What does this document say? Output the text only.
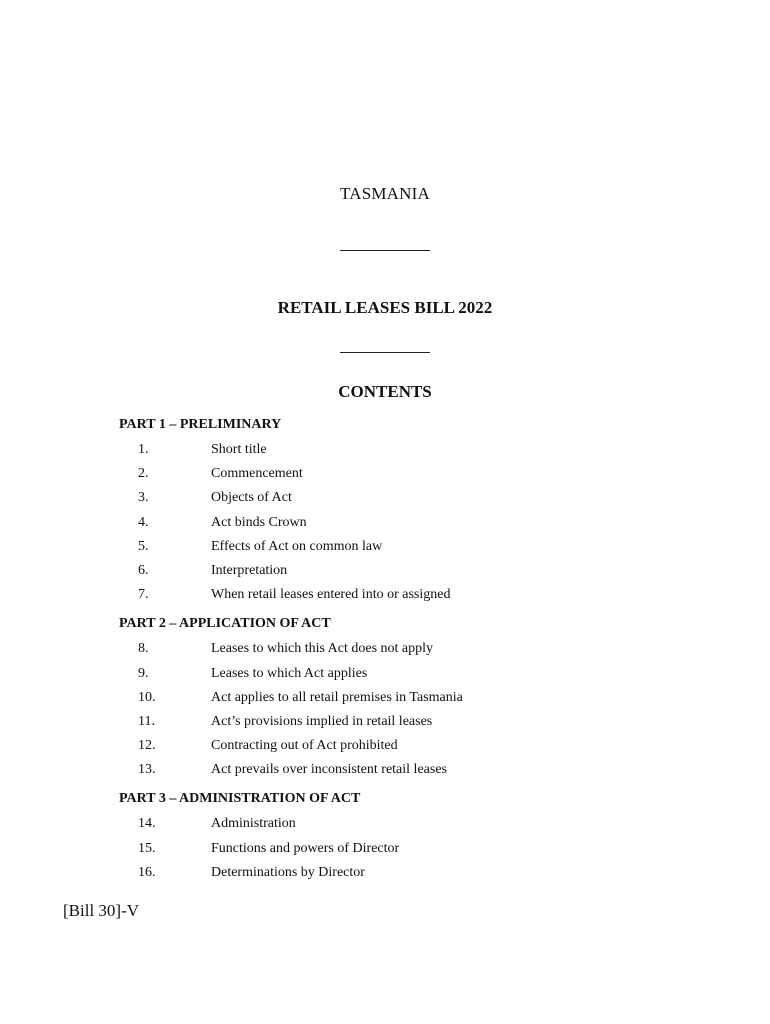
TASMANIA
RETAIL LEASES BILL 2022
CONTENTS
PART 1 – PRELIMINARY
1.	Short title
2.	Commencement
3.	Objects of Act
4.	Act binds Crown
5.	Effects of Act on common law
6.	Interpretation
7.	When retail leases entered into or assigned
PART 2 – APPLICATION OF ACT
8.	Leases to which this Act does not apply
9.	Leases to which Act applies
10.	Act applies to all retail premises in Tasmania
11.	Act’s provisions implied in retail leases
12.	Contracting out of Act prohibited
13.	Act prevails over inconsistent retail leases
PART 3 – ADMINISTRATION OF ACT
14.	Administration
15.	Functions and powers of Director
16.	Determinations by Director
[Bill 30]-V
